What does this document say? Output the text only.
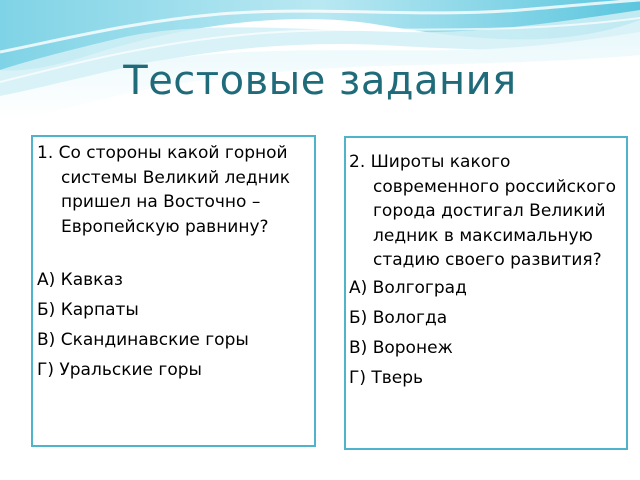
Тестовые задания

1. Со стороны какой горной системы Великий ледник пришел на Восточно – Европейскую равнину?

А) Кавказ
Б) Карпаты
В) Скандинавские горы
Г) Уральские горы

2. Широты какого современного российского города достигал Великий ледник в максимальную стадию своего развития?

А) Волгоград
Б) Вологда
В) Воронеж
Г) Тверь
